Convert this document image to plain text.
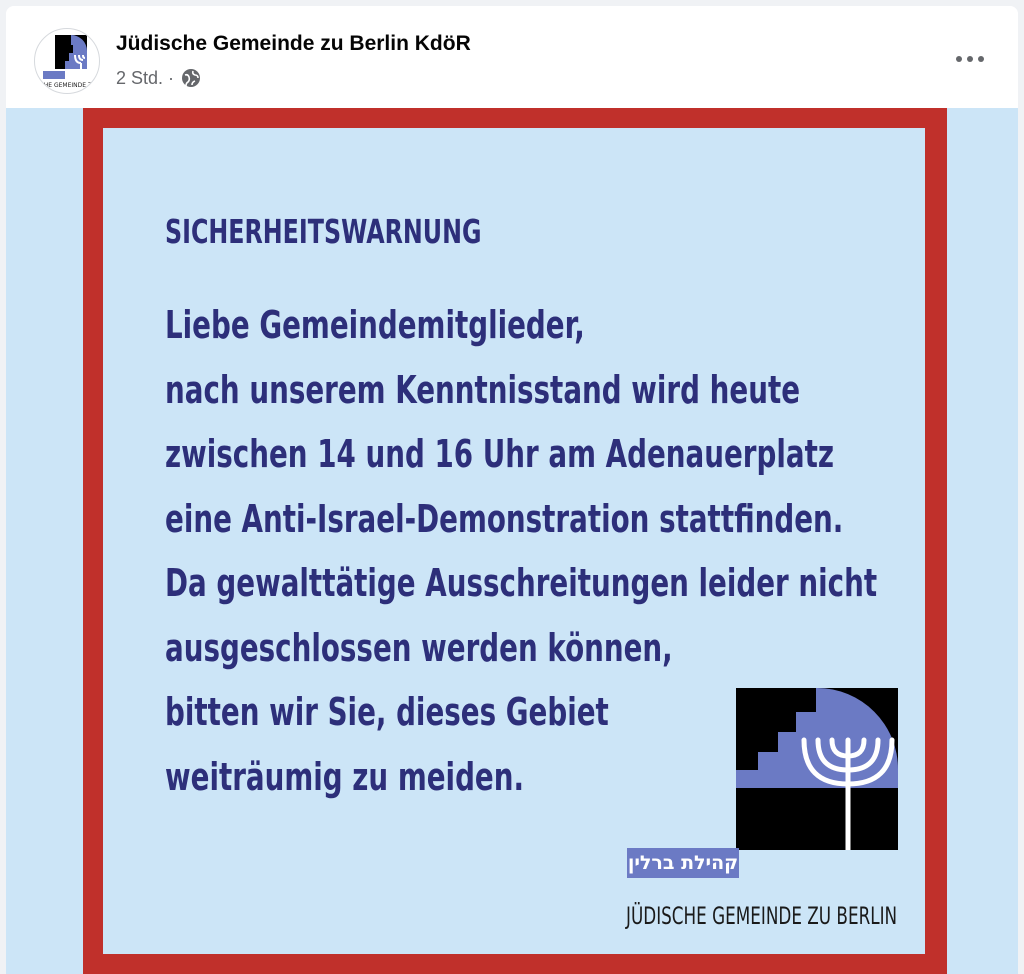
CHE GEMEINDE ZU
Jüdische Gemeinde zu Berlin KdöR
2 Std. ·
SICHERHEITSWARNUNG
Liebe Gemeindemitglieder,
nach unserem Kenntnisstand wird heute
zwischen 14 und 16 Uhr am Adenauerplatz
eine Anti-Israel-Demonstration stattfinden.
Da gewalttätige Ausschreitungen leider nicht
ausgeschlossen werden können,
bitten wir Sie, dieses Gebiet
weiträumig zu meiden.
קהילת ברלין
JÜDISCHE GEMEINDE ZU BERLIN
